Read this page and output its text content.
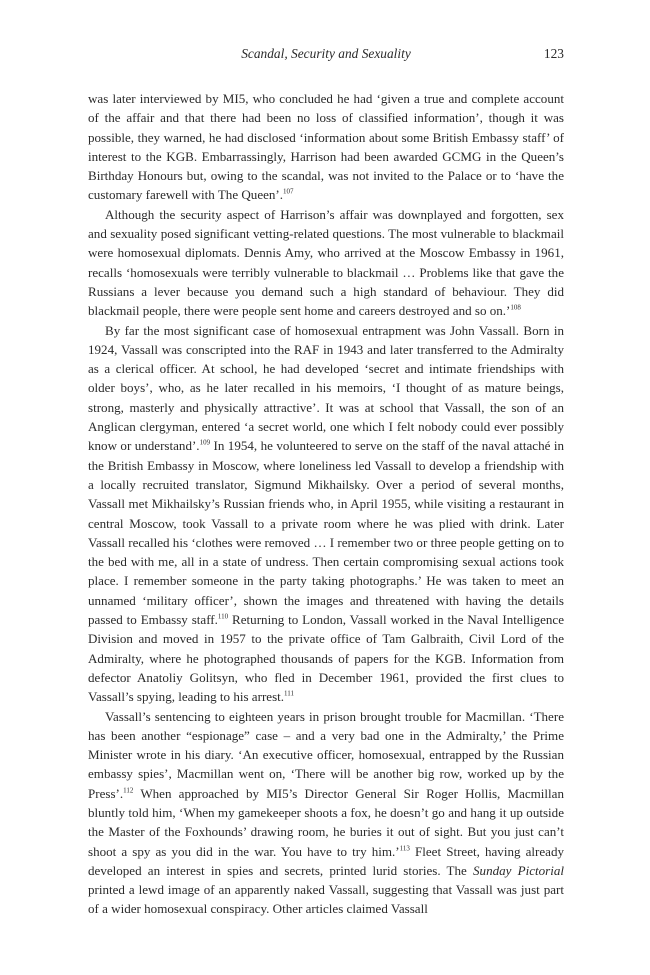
Scandal, Security and Sexuality	123

was later interviewed by MI5, who concluded he had ‘given a true and complete account of the affair and that there had been no loss of classified information’, though it was possible, they warned, he had disclosed ‘information about some British Embassy staff’ of interest to the KGB. Embarrassingly, Harrison had been awarded GCMG in the Queen’s Birthday Honours but, owing to the scandal, was not invited to the Palace or to ‘have the customary farewell with The Queen’.$^{107}$

Although the security aspect of Harrison’s affair was downplayed and forgotten, sex and sexuality posed significant vetting-related questions. The most vulnerable to blackmail were homosexual diplomats. Dennis Amy, who arrived at the Moscow Embassy in 1961, recalls ‘homosexuals were terribly vulnerable to blackmail … Problems like that gave the Russians a lever because you demand such a high standard of behaviour. They did blackmail people, there were people sent home and careers destroyed and so on.’$^{108}$

By far the most significant case of homosexual entrapment was John Vassall. Born in 1924, Vassall was conscripted into the RAF in 1943 and later transferred to the Admiralty as a clerical officer. At school, he had developed ‘secret and intimate friendships with older boys’, who, as he later recalled in his memoirs, ‘I thought of as mature beings, strong, masterly and physically attractive’. It was at school that Vassall, the son of an Anglican clergyman, entered ‘a secret world, one which I felt nobody could ever possibly know or understand’.$^{109}$ In 1954, he volunteered to serve on the staff of the naval attaché in the British Embassy in Moscow, where loneliness led Vassall to develop a friendship with a locally recruited translator, Sigmund Mikhailsky. Over a period of several months, Vassall met Mikhailsky’s Russian friends who, in April 1955, while visiting a restaurant in central Moscow, took Vassall to a private room where he was plied with drink. Later Vassall recalled his ‘clothes were removed … I remember two or three people getting on to the bed with me, all in a state of undress. Then certain compromising sexual actions took place. I remember someone in the party taking photographs.’ He was taken to meet an unnamed ‘military officer’, shown the images and threatened with having the details passed to Embassy staff.$^{110}$ Returning to London, Vassall worked in the Naval Intelligence Division and moved in 1957 to the private office of Tam Galbraith, Civil Lord of the Admiralty, where he photographed thousands of papers for the KGB. Information from defector Anatoliy Golitsyn, who fled in December 1961, provided the first clues to Vassall’s spying, leading to his arrest.$^{111}$

Vassall’s sentencing to eighteen years in prison brought trouble for Macmillan. ‘There has been another “espionage” case – and a very bad one in the Admiralty,’ the Prime Minister wrote in his diary. ‘An executive officer, homosexual, entrapped by the Russian embassy spies’, Macmillan went on, ‘There will be another big row, worked up by the Press’.$^{112}$ When approached by MI5’s Director General Sir Roger Hollis, Macmillan bluntly told him, ‘When my gamekeeper shoots a fox, he doesn’t go and hang it up outside the Master of the Foxhounds’ drawing room, he buries it out of sight. But you just can’t shoot a spy as you did in the war. You have to try him.’$^{113}$ Fleet Street, having already developed an interest in spies and secrets, printed lurid stories. The Sunday Pictorial printed a lewd image of an apparently naked Vassall, suggesting that Vassall was just part of a wider homosexual conspiracy. Other articles claimed Vassall
